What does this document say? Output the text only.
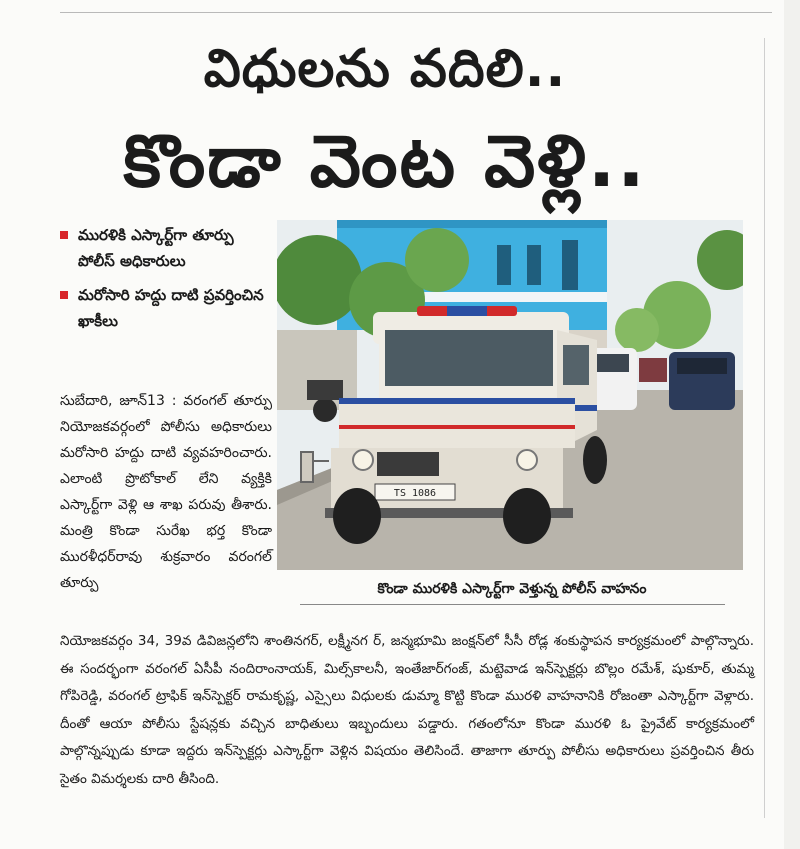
విధులను వదిలి..
కొండా వెంట వెళ్లి..
మురళికి ఎస్కార్ట్‌గా తూర్పు పోలీస్ అధికారులు
మరోసారి హద్దు దాటి ప్రవర్తించిన ఖాకీలు
సుబేదారి, జూన్13 : వరంగల్ తూర్పు నియోజకవర్గంలో పోలీసు అధికారులు మరోసారి హద్దు దాటి వ్యవహరించారు. ఎలాంటి ప్రొటోకాల్ లేని వ్యక్తికి ఎస్కార్ట్‌గా వెళ్లి ఆ శాఖ పరువు తీశారు. మంత్రి కొండా సురేఖ భర్త కొండా మురళీధర్‌రావు శుక్రవారం వరంగల్ తూర్పు
TS 1086
కొండా మురళికి ఎస్కార్ట్‌గా వెళ్తున్న పోలీస్ వాహనం
నియోజకవర్గం 34, 39వ డివిజన్లలోని శాంతినగర్, లక్ష్మీనగ ర్, జన్మభూమి జంక్షన్‌లో సీసీ రోడ్ల శంకుస్థాపన కార్యక్రమంలో పాల్గొన్నారు. ఈ సందర్భంగా వరంగల్ ఏసీపీ నందిరాంనాయక్, మిల్స్‌కాలనీ, ఇంతేజార్‌గంజ్, మట్టెవాడ ఇన్‌స్పెక్టర్లు బొల్లం రమేశ్, షుకూర్, తుమ్మ గోపిరెడ్డి, వరంగల్ ట్రాఫిక్ ఇన్‌స్పెక్టర్ రామకృష్ణ, ఎస్సైలు విధులకు డుమ్మా కొట్టి కొండా మురళి వాహనానికి రోజంతా ఎస్కార్ట్‌గా వెళ్లారు. దీంతో ఆయా పోలీసు స్టేషన్లకు వచ్చిన బాధితులు ఇబ్బందులు పడ్డారు. గతంలోనూ కొండా మురళి ఓ ప్రైవేట్ కార్యక్రమంలో పాల్గొన్నప్పుడు కూడా ఇద్దరు ఇన్‌స్పెక్టర్లు ఎస్కార్ట్‌గా వెళ్లిన విషయం తెలిసిందే. తాజాగా తూర్పు పోలీసు అధికారులు ప్రవర్తించిన తీరు సైతం విమర్శలకు దారి తీసింది.
